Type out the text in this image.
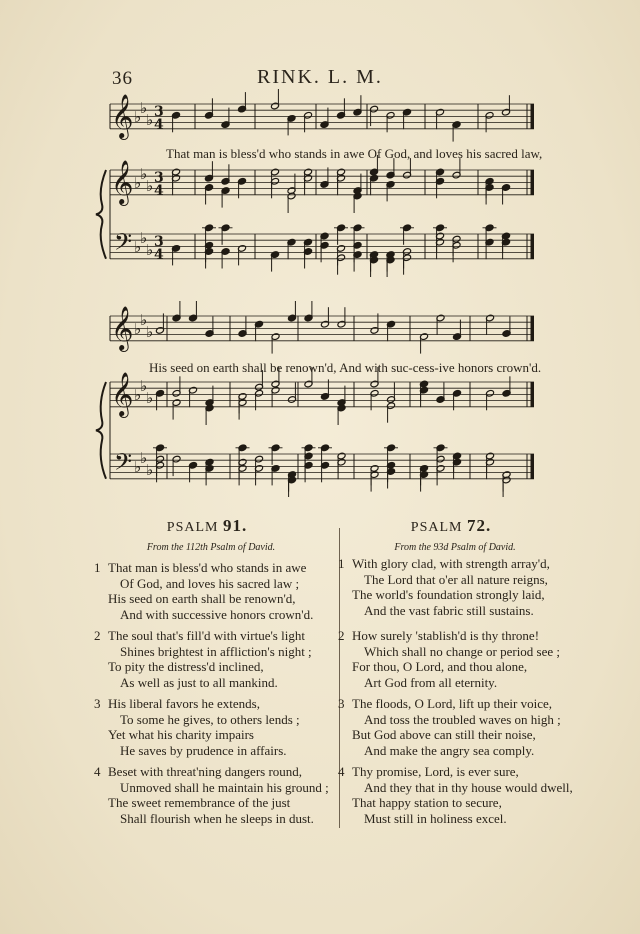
36	RINK. L. M.
𝄞 ♭
♭
♭ 3
4
𝄞 ♭
♭
♭ 3
4
𝄢 ♭
♭
♭ 3
4
𝄞 ♭
♭
♭
𝄞 ♭
♭
♭
𝄢 ♭
♭
♭
That man is bless'd who stands in awe Of God, and loves his sacred law,
His seed on earth shall be renown'd, And with suc-cess-ive honors crown'd.
PSALM 91.
From the 112th Psalm of David.
1 That man is bless'd who stands in awe
Of God, and loves his sacred law ;
His seed on earth shall be renown'd,
And with successive honors crown'd.
2 The soul that's fill'd with virtue's light
Shines brightest in affliction's night ;
To pity the distress'd inclined,
As well as just to all mankind.
3 His liberal favors he extends,
To some he gives, to others lends ;
Yet what his charity impairs
He saves by prudence in affairs.
4 Beset with threat'ning dangers round,
Unmoved shall he maintain his ground ;
The sweet remembrance of the just
Shall flourish when he sleeps in dust.
PSALM 72.
From the 93d Psalm of David.
1 With glory clad, with strength array'd,
The Lord that o'er all nature reigns,
The world's foundation strongly laid,
And the vast fabric still sustains.
2 How surely 'stablish'd is thy throne!
Which shall no change or period see ;
For thou, O Lord, and thou alone,
Art God from all eternity.
3 The floods, O Lord, lift up their voice,
And toss the troubled waves on high ;
But God above can still their noise,
And make the angry sea comply.
4 Thy promise, Lord, is ever sure,
And they that in thy house would dwell,
That happy station to secure,
Must still in holiness excel.
